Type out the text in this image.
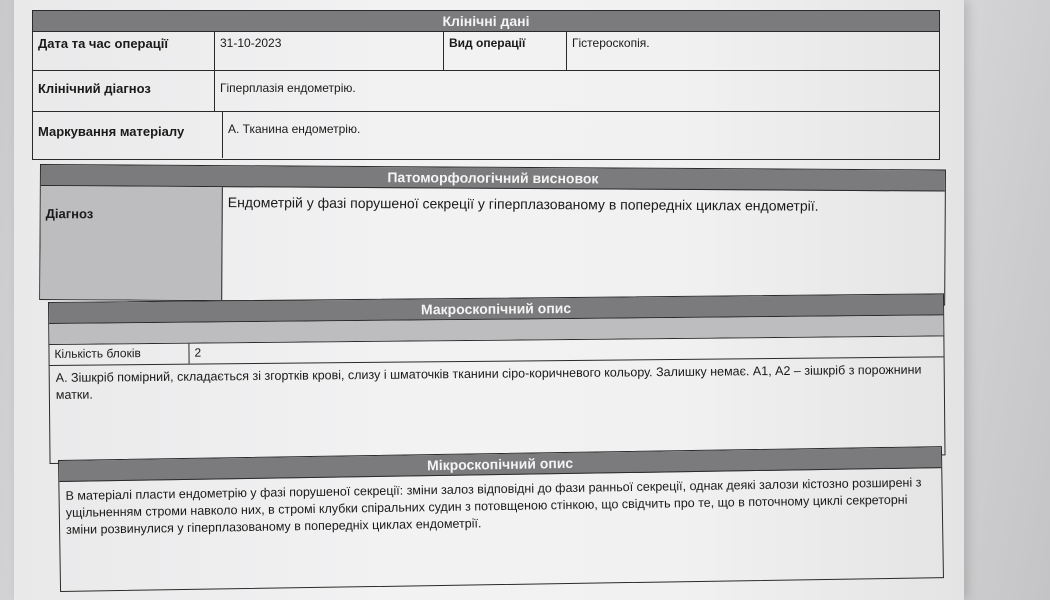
Клінічні дані
Дата та час операції	31-10-2023	Вид операції	Гістероскопія.
Клінічний діагноз	Гіперплазія ендометрію.
Маркування матеріалу	А. Тканина ендометрію.
Патоморфологічний висновок
Діагноз	Ендометрій у фазі порушеної секреції у гіперплазованому в попередніх циклах ендометрії.
Макроскопічний опис
Кількість блоків	2
А. Зішкріб помірний, складається зі згортків крові, слизу і шматочків тканини сіро-коричневого кольору. Залишку немає. А1, А2 – зішкріб з порожнини матки.
Мікроскопічний опис
В матеріалі пласти ендометрію у фазі порушеної секреції: зміни залоз відповідні до фази ранньої секреції, однак деякі залози кістозно розширені з ущільненням строми навколо них, в стромі клубки спіральних судин з потовщеною стінкою, що свідчить про те, що в поточному циклі секреторні зміни розвинулися у гіперплазованому в попередніх циклах ендометрії.
